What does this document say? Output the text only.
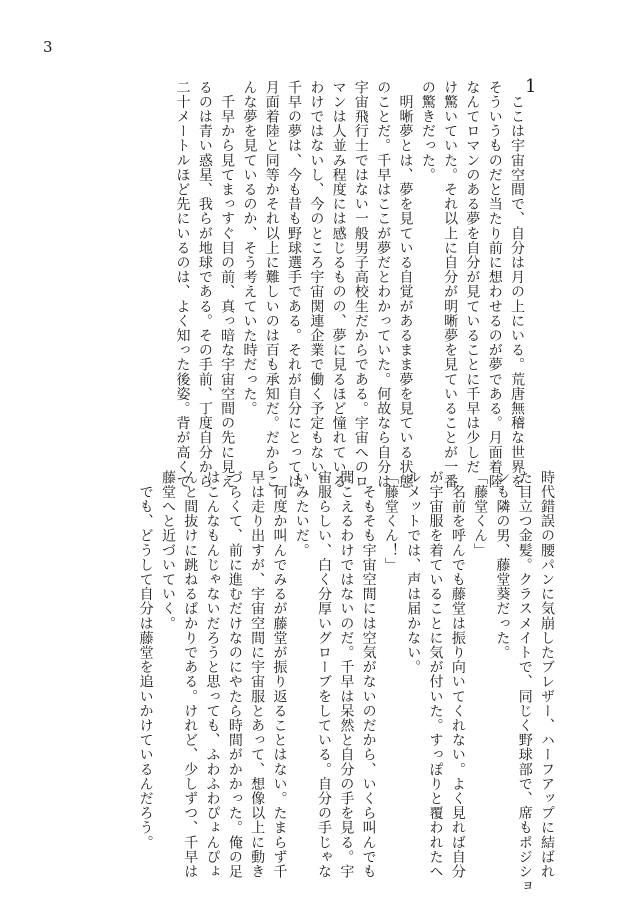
3
1
　ここは宇宙空間で、自分は月の上にいる。荒唐無稽な世界を
そういうものだと当たり前に想わせるのが夢である。月面着陸
なんてロマンのある夢を自分が見ていることに千早は少しだ
け驚いていた。それ以上に自分が明晰夢を見ていることが一番
の驚きだった。
　明晰夢とは、夢を見ている自覚があるまま夢を見ている状態
のことだ。千早はここが夢だとわかっていた。何故なら自分は
宇宙飛行士ではない一般男子高校生だからである。宇宙へのロ
マンは人並み程度には感じるものの、夢に見るほど憧れている
わけではないし、今のところ宇宙関連企業で働く予定もない。
千早の夢は、今も昔も野球選手である。それが自分にとっては
月面着陸と同等かそれ以上に難しいのは百も承知だ。だからこ
んな夢を見ているのか、そう考えていた時だった。
　千早から見てまっすぐ目の前、真っ暗な宇宙空間の先に見え
るのは青い惑星、我らが地球である。その手前、丁度自分から
二十メートルほど先にいるのは、よく知った後姿。背が高くて
時代錯誤の腰パンに気崩したブレザー、ハーフアップに結ばれ
た目立つ金髪。クラスメイトで、同じく野球部で、席もポジショ
ンも隣の男、藤堂葵だった。
「藤堂くん」
　名前を呼んでも藤堂は振り向いてくれない。よく見れば自分
が宇宙服を着ていることに気が付いた。すっぽりと覆われたヘ
ルメットでは、声は届かない。
「藤堂くん！」
　そもそも宇宙空間には空気がないのだから、いくら叫んでも
聞こえるわけではないのだ。千早は呆然と自分の手を見る。宇
宙服らしい、白く分厚いグローブをしている。自分の手じゃな
いみたいだ。
　何度か叫んでみるが藤堂が振り返ることはない。たまらず千
早は走り出すが、宇宙空間に宇宙服とあって、想像以上に動き
づらくて、前に進むだけなのにやたら時間がかかった。俺の足
はこんなもんじゃないだろうと思っても、ふわふわぴょんぴょ
んと間抜けに跳ねるばかりである。けれど、少しずつ、千早は
藤堂へと近づいていく。
　でも、どうして自分は藤堂を追いかけているんだろう。
